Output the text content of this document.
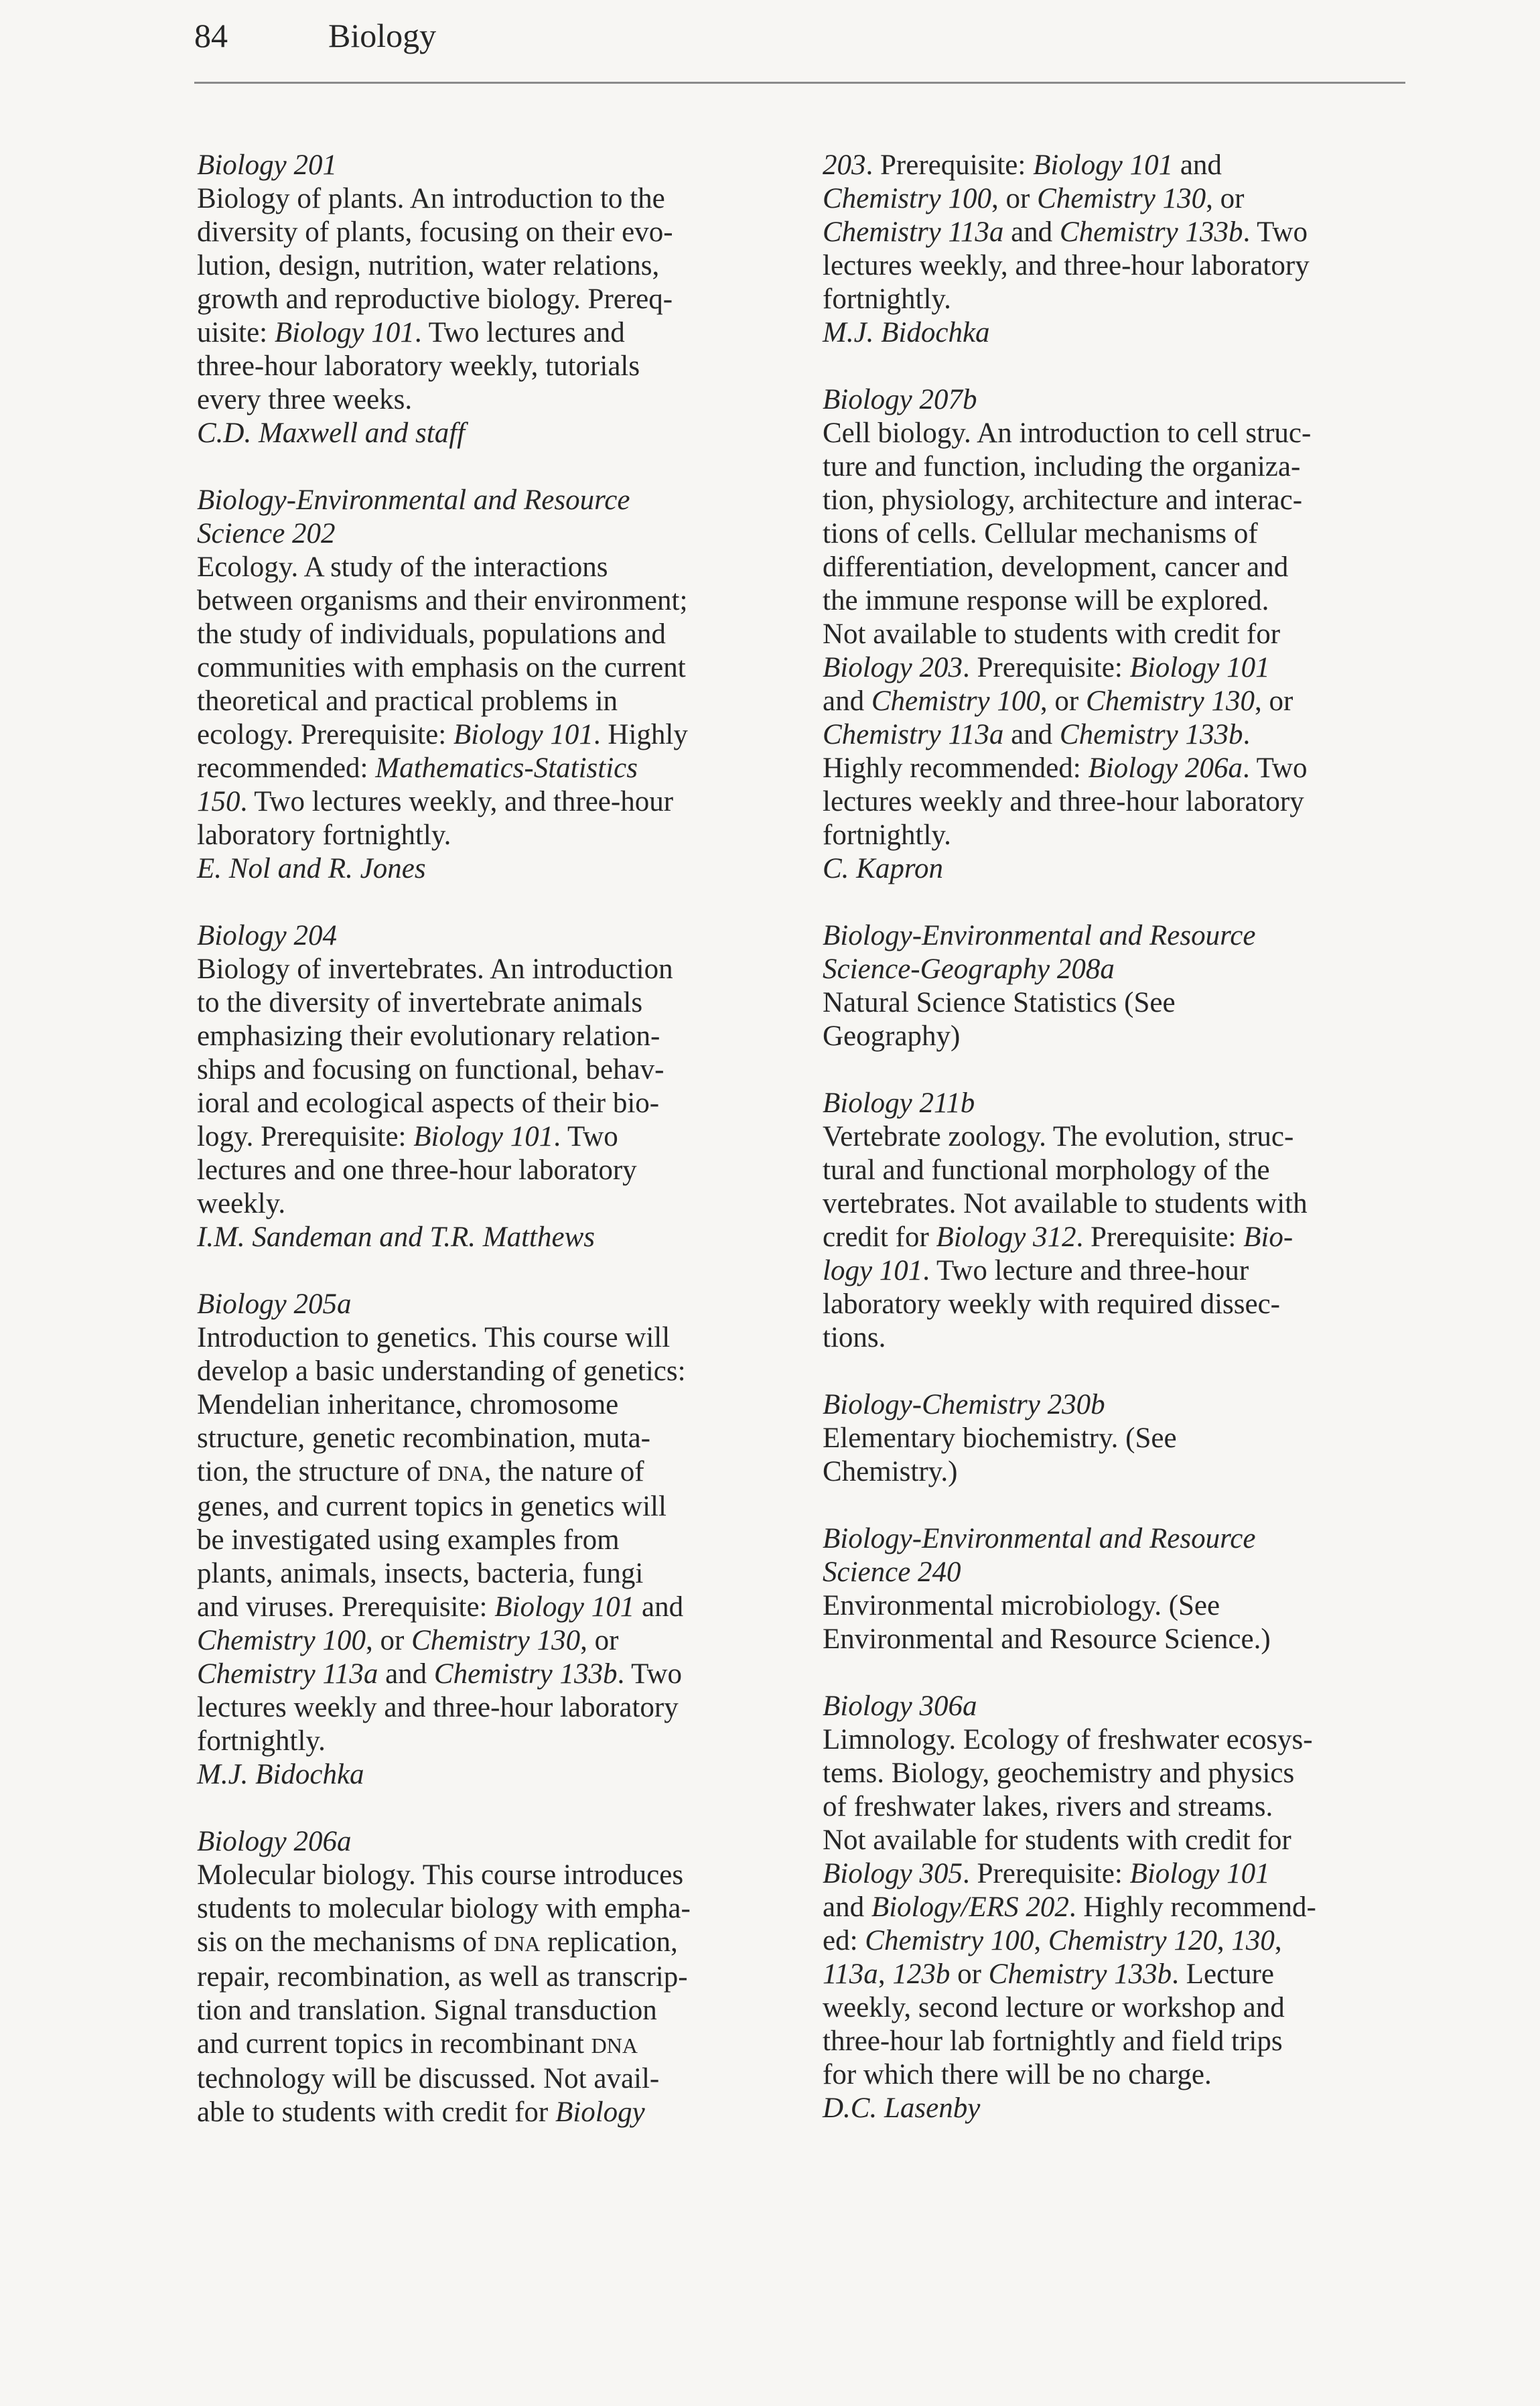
84	Biology

Biology 201

Biology of plants. An introduction to the

diversity of plants, focusing on their evo-

lution, design, nutrition, water relations,

growth and reproductive biology. Prereq-

uisite: Biology 101. Two lectures and

three-hour laboratory weekly, tutorials

every three weeks.

C.D. Maxwell and staff

Biology-Environmental and Resource

Science 202

Ecology. A study of the interactions

between organisms and their environment;

the study of individuals, populations and

communities with emphasis on the current

theoretical and practical problems in

ecology. Prerequisite: Biology 101. Highly

recommended: Mathematics-Statistics

150. Two lectures weekly, and three-hour

laboratory fortnightly.

E. Nol and R. Jones

Biology 204

Biology of invertebrates. An introduction

to the diversity of invertebrate animals

emphasizing their evolutionary relation-

ships and focusing on functional, behav-

ioral and ecological aspects of their bio-

logy. Prerequisite: Biology 101. Two

lectures and one three-hour laboratory

weekly.

I.M. Sandeman and T.R. Matthews

Biology 205a

Introduction to genetics. This course will

develop a basic understanding of genetics:

Mendelian inheritance, chromosome

structure, genetic recombination, muta-

tion, the structure of DNA, the nature of

genes, and current topics in genetics will

be investigated using examples from

plants, animals, insects, bacteria, fungi

and viruses. Prerequisite: Biology 101 and

Chemistry 100, or Chemistry 130, or

Chemistry 113a and Chemistry 133b. Two

lectures weekly and three-hour laboratory

fortnightly.

M.J. Bidochka

Biology 206a

Molecular biology. This course introduces

students to molecular biology with empha-

sis on the mechanisms of DNA replication,

repair, recombination, as well as transcrip-

tion and translation. Signal transduction

and current topics in recombinant DNA

technology will be discussed. Not avail-

able to students with credit for Biology

203. Prerequisite: Biology 101 and

Chemistry 100, or Chemistry 130, or

Chemistry 113a and Chemistry 133b. Two

lectures weekly, and three-hour laboratory

fortnightly.

M.J. Bidochka

Biology 207b

Cell biology. An introduction to cell struc-

ture and function, including the organiza-

tion, physiology, architecture and interac-

tions of cells. Cellular mechanisms of

differentiation, development, cancer and

the immune response will be explored.

Not available to students with credit for

Biology 203. Prerequisite: Biology 101

and Chemistry 100, or Chemistry 130, or

Chemistry 113a and Chemistry 133b.

Highly recommended: Biology 206a. Two

lectures weekly and three-hour laboratory

fortnightly.

C. Kapron

Biology-Environmental and Resource

Science-Geography 208a

Natural Science Statistics (See

Geography)

Biology 211b

Vertebrate zoology. The evolution, struc-

tural and functional morphology of the

vertebrates. Not available to students with

credit for Biology 312. Prerequisite: Bio-

logy 101. Two lecture and three-hour

laboratory weekly with required dissec-

tions.

Biology-Chemistry 230b

Elementary biochemistry. (See

Chemistry.)

Biology-Environmental and Resource

Science 240

Environmental microbiology. (See

Environmental and Resource Science.)

Biology 306a

Limnology. Ecology of freshwater ecosys-

tems. Biology, geochemistry and physics

of freshwater lakes, rivers and streams.

Not available for students with credit for

Biology 305. Prerequisite: Biology 101

and Biology/ERS 202. Highly recommend-

ed: Chemistry 100, Chemistry 120, 130,

113a, 123b or Chemistry 133b. Lecture

weekly, second lecture or workshop and

three-hour lab fortnightly and field trips

for which there will be no charge.

D.C. Lasenby
